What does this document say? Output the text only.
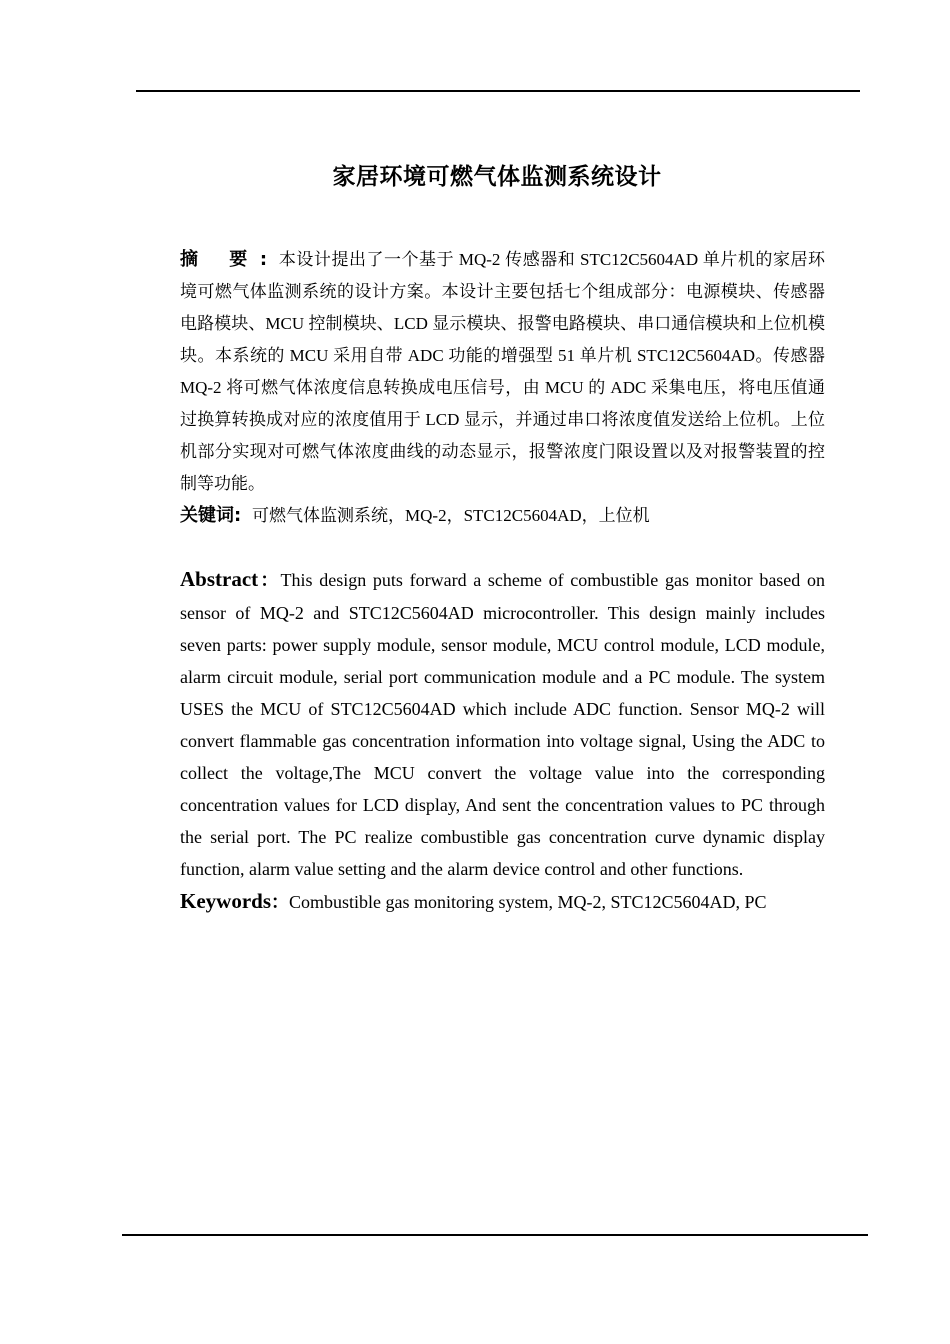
家居环境可燃气体监测系统设计

摘 要: 本设计提出了一个基于 MQ-2 传感器和 STC12C5604AD 单片机的家居环境可燃气体监测系统的设计方案。本设计主要包括七个组成部分：电源模块、传感器电路模块、MCU 控制模块、LCD 显示模块、报警电路模块、串口通信模块和上位机模块。本系统的 MCU 采用自带 ADC 功能的增强型 51 单片机 STC12C5604AD。传感器 MQ-2 将可燃气体浓度信息转换成电压信号，由 MCU 的 ADC 采集电压，将电压值通过换算转换成对应的浓度值用于 LCD 显示，并通过串口将浓度值发送给上位机。上位机部分实现对可燃气体浓度曲线的动态显示，报警浓度门限设置以及对报警装置的控制等功能。

关键词: 可燃气体监测系统，MQ-2，STC12C5604AD，上位机

Abstract：This design puts forward a scheme of combustible gas monitor based on sensor of MQ-2 and STC12C5604AD microcontroller. This design mainly includes seven parts: power supply module, sensor module, MCU control module, LCD module, alarm circuit module, serial port communication module and a PC module. The system USES the MCU of STC12C5604AD which include ADC function. Sensor MQ-2 will convert flammable gas concentration information into voltage signal, Using the ADC to collect the voltage,The MCU convert the voltage value into the corresponding concentration values for LCD display, And sent the concentration values to PC through the serial port. The PC realize combustible gas concentration curve dynamic display function, alarm value setting and the alarm device control and other functions.

Keywords：Combustible gas monitoring system, MQ-2, STC12C5604AD, PC
